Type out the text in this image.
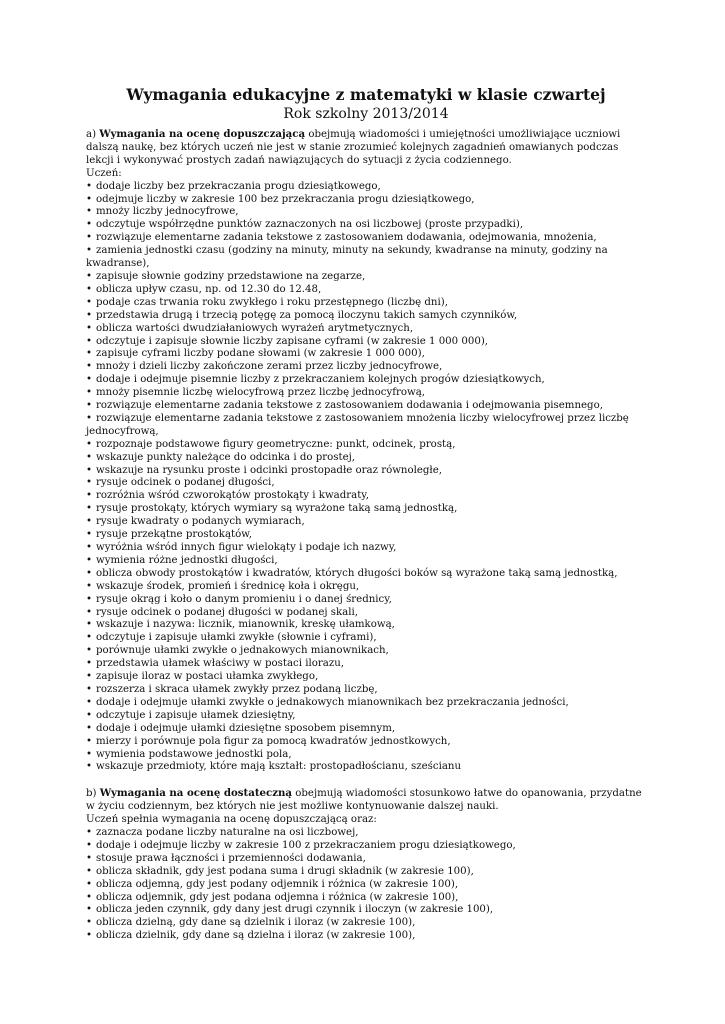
Wymagania edukacyjne z matematyki w klasie czwartej
Rok szkolny 2013/2014

a) Wymagania na ocenę dopuszczającą obejmują wiadomości i umiejętności umożliwiające uczniowi dalszą naukę, bez których uczeń nie jest w stanie zrozumieć kolejnych zagadnień omawianych podczas lekcji i wykonywać prostych zadań nawiązujących do sytuacji z życia codziennego.

Uczeń:

• dodaje liczby bez przekraczania progu dziesiątkowego,
• odejmuje liczby w zakresie 100 bez przekraczania progu dziesiątkowego,
• mnoży liczby jednocyfrowe,
• odczytuje współrzędne punktów zaznaczonych na osi liczbowej (proste przypadki),
• rozwiązuje elementarne zadania tekstowe z zastosowaniem dodawania, odejmowania, mnożenia,
• zamienia jednostki czasu (godziny na minuty, minuty na sekundy, kwadranse na minuty, godziny na kwadranse),
• zapisuje słownie godziny przedstawione na zegarze,
• oblicza upływ czasu, np. od 12.30 do 12.48,
• podaje czas trwania roku zwykłego i roku przestępnego (liczbę dni),
• przedstawia drugą i trzecią potęgę za pomocą iloczynu takich samych czynników,
• oblicza wartości dwudziałaniowych wyrażeń arytmetycznych,
• odczytuje i zapisuje słownie liczby zapisane cyframi (w zakresie 1 000 000),
• zapisuje cyframi liczby podane słowami (w zakresie 1 000 000),
• mnoży i dzieli liczby zakończone zerami przez liczby jednocyfrowe,
• dodaje i odejmuje pisemnie liczby z przekraczaniem kolejnych progów dziesiątkowych,
• mnoży pisemnie liczbę wielocyfrową przez liczbę jednocyfrową,
• rozwiązuje elementarne zadania tekstowe z zastosowaniem dodawania i odejmowania pisemnego,
• rozwiązuje elementarne zadania tekstowe z zastosowaniem mnożenia liczby wielocyfrowej przez liczbę jednocyfrową,
• rozpoznaje podstawowe figury geometryczne: punkt, odcinek, prostą,
• wskazuje punkty należące do odcinka i do prostej,
• wskazuje na rysunku proste i odcinki prostopadłe oraz równoległe,
• rysuje odcinek o podanej długości,
• rozróżnia wśród czworokątów prostokąty i kwadraty,
• rysuje prostokąty, których wymiary są wyrażone taką samą jednostką,
• rysuje kwadraty o podanych wymiarach,
• rysuje przekątne prostokątów,
• wyróżnia wśród innych figur wielokąty i podaje ich nazwy,
• wymienia różne jednostki długości,
• oblicza obwody prostokątów i kwadratów, których długości boków są wyrażone taką samą jednostką,
• wskazuje środek, promień i średnicę koła i okręgu,
• rysuje okrąg i koło o danym promieniu i o danej średnicy,
• rysuje odcinek o podanej długości w podanej skali,
• wskazuje i nazywa: licznik, mianownik, kreskę ułamkową,
• odczytuje i zapisuje ułamki zwykłe (słownie i cyframi),
• porównuje ułamki zwykłe o jednakowych mianownikach,
• przedstawia ułamek właściwy w postaci ilorazu,
• zapisuje iloraz w postaci ułamka zwykłego,
• rozszerza i skraca ułamek zwykły przez podaną liczbę,
• dodaje i odejmuje ułamki zwykłe o jednakowych mianownikach bez przekraczania jedności,
• odczytuje i zapisuje ułamek dziesiętny,
• dodaje i odejmuje ułamki dziesiętne sposobem pisemnym,
• mierzy i porównuje pola figur za pomocą kwadratów jednostkowych,
• wymienia podstawowe jednostki pola,
• wskazuje przedmioty, które mają kształt: prostopadłościanu, sześcianu

b) Wymagania na ocenę dostateczną obejmują wiadomości stosunkowo łatwe do opanowania, przydatne w życiu codziennym, bez których nie jest możliwe kontynuowanie dalszej nauki.

Uczeń spełnia wymagania na ocenę dopuszczającą oraz:

• zaznacza podane liczby naturalne na osi liczbowej,
• dodaje i odejmuje liczby w zakresie 100 z przekraczaniem progu dziesiątkowego,
• stosuje prawa łączności i przemienności dodawania,
• oblicza składnik, gdy jest podana suma i drugi składnik (w zakresie 100),
• oblicza odjemną, gdy jest podany odjemnik i różnica (w zakresie 100),
• oblicza odjemnik, gdy jest podana odjemna i różnica (w zakresie 100),
• oblicza jeden czynnik, gdy dany jest drugi czynnik i iloczyn (w zakresie 100),
• oblicza dzielną, gdy dane są dzielnik i iloraz (w zakresie 100),
• oblicza dzielnik, gdy dane są dzielna i iloraz (w zakresie 100),
